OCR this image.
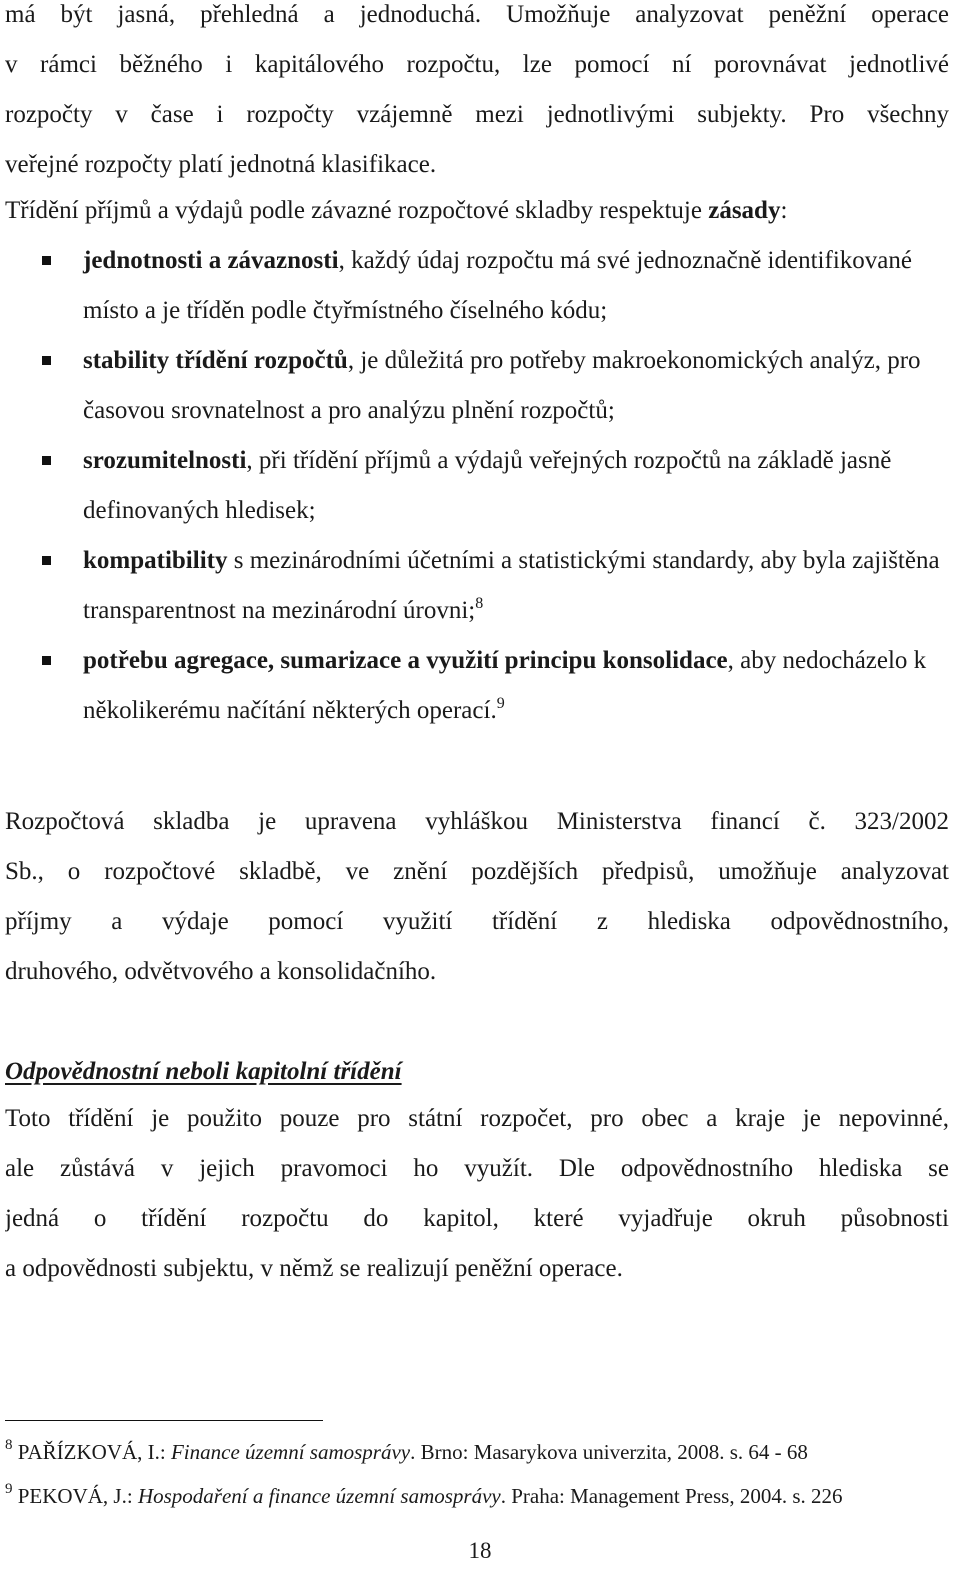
má být jasná, přehledná a jednoduchá. Umožňuje analyzovat peněžní operace
v rámci běžného i kapitálového rozpočtu, lze pomocí ní porovnávat jednotlivé
rozpočty v čase i rozpočty vzájemně mezi jednotlivými subjekty. Pro všechny
veřejné rozpočty platí jednotná klasifikace.

Třídění příjmů a výdajů podle závazné rozpočtové skladby respektuje zásady:

jednotnosti a závaznosti, každý údaj rozpočtu má své jednoznačně identifikované místo a je tříděn podle čtyřmístného číselného kódu;
stability třídění rozpočtů, je důležitá pro potřeby makroekonomických analýz, pro časovou srovnatelnost a pro analýzu plnění rozpočtů;
srozumitelnosti, při třídění příjmů a výdajů veřejných rozpočtů na základě jasně definovaných hledisek;
kompatibility s mezinárodními účetními a statistickými standardy, aby byla zajištěna transparentnost na mezinárodní úrovni;$^8$
potřebu agregace, sumarizace a využití principu konsolidace, aby nedocházelo k několikerému načítání některých operací.$^9$

Rozpočtová skladba je upravena vyhláškou Ministerstva financí č. 323/2002
Sb., o rozpočtové skladbě, ve znění pozdějších předpisů, umožňuje analyzovat
příjmy a výdaje pomocí využití třídění z hlediska odpovědnostního,
druhového, odvětvového a konsolidačního.

Odpovědnostní neboli kapitolní třídění

Toto třídění je použito pouze pro státní rozpočet, pro obec a kraje je nepovinné,
ale zůstává v jejich pravomoci ho využít. Dle odpovědnostního hlediska se
jedná o třídění rozpočtu do kapitol, které vyjadřuje okruh působnosti
a odpovědnosti subjektu, v němž se realizují peněžní operace.

$^8$ PAŘÍZKOVÁ, I.: Finance územní samosprávy. Brno: Masarykova univerzita, 2008. s. 64 - 68
$^9$ PEKOVÁ, J.: Hospodaření a finance územní samosprávy. Praha: Management Press, 2004. s. 226
18
